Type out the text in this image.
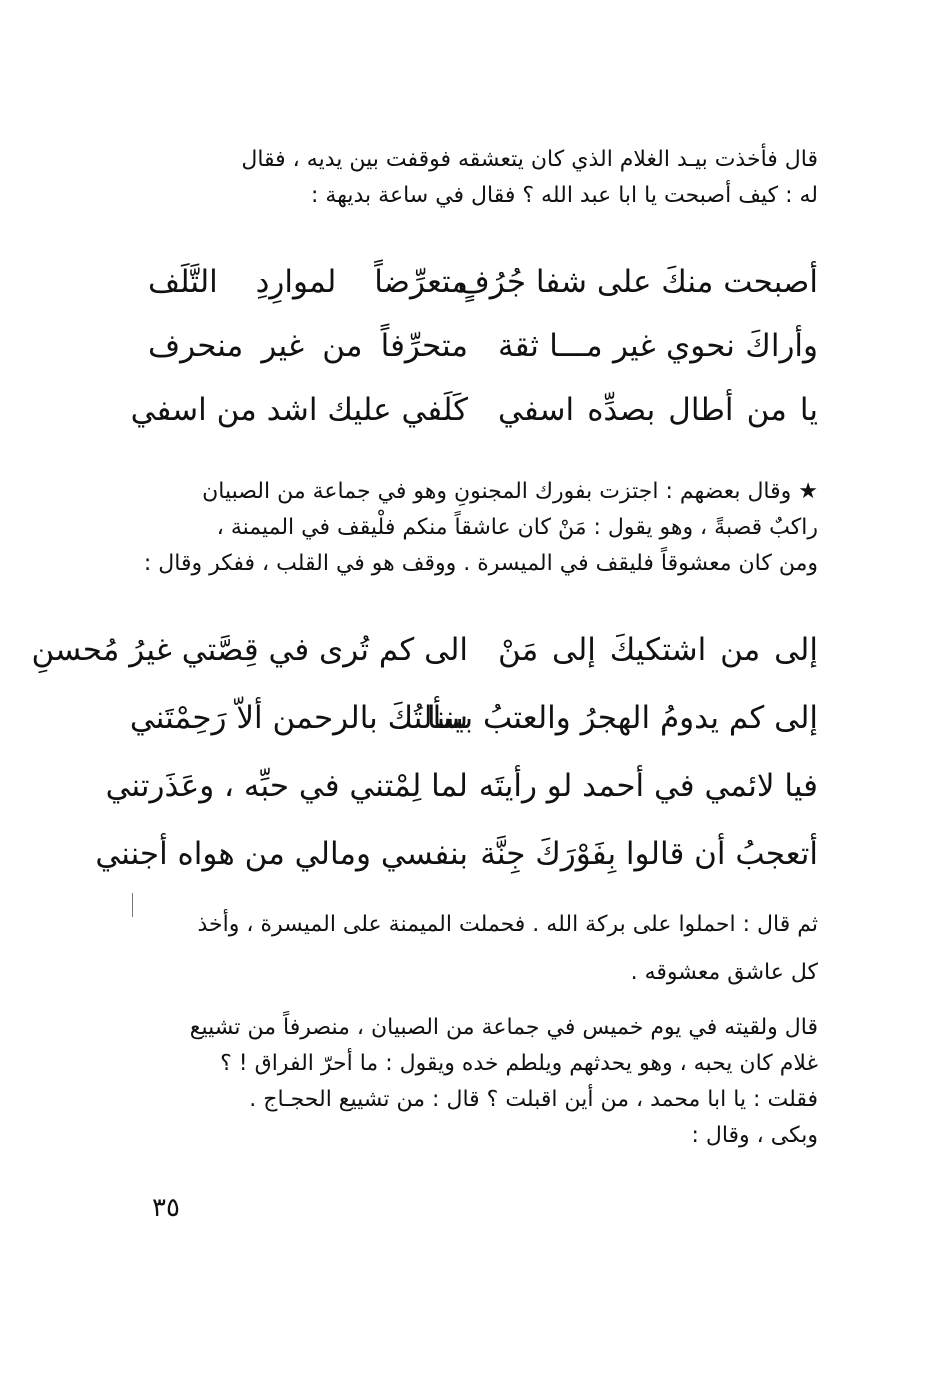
قال فأخذت بيـد الغلام الذي كان يتعشقه فوقفت بين يديه ، فقال
له : كيف أصبحت يا ابا عبد الله ؟ فقال في ساعة بديهة :
أصبحت منكَ على شفا جُرُفٍ
متعرِّضاً لموارِدِ التَّلَف
وأراكَ نحوي غير مـــا ثقة
متحرِّفاً من غير منحرف
يا من أطال بصدِّه اسفي
كَلَفي عليك اشد من اسفي
★ وقال بعضهم : اجتزت بفورك المجنونِ وهو في جماعة من الصبيان
راكبٌ قصبةً ، وهو يقول : مَنْ كان عاشقاً منكم فلْيقف في الميمنة ،
ومن كان معشوقاً فليقف في الميسرة . ووقف هو في القلب ، ففكر وقال :
إلى من اشتكيكَ إلى مَنْ
الى كم تُرى في قِصَّتي غيرُ مُحسنِ
إلى كم يدومُ الهجرُ والعتبُ بيننا
سألتُكَ بالرحمن ألاّ رَحِمْتَني
فيا لائمي في أحمد لو رأيتَه
لما لِمْتني في حبِّه ، وعَذَرتني
أتعجبُ أن قالوا بِفَوْرَكَ جِنَّة
بنفسي ومالي من هواه أجنني
ثم قال : احملوا على بركة الله . فحملت الميمنة على الميسرة ، وأخذ
كل عاشق معشوقه .
قال ولقيته في يوم خميس في جماعة من الصبيان ، منصرفاً من تشييع
غلام كان يحبه ، وهو يحدثهم ويلطم خده ويقول : ما أحرّ الفراق ! ؟
فقلت : يا ابا محمد ، من أين اقبلت ؟ قال : من تشييع الحجـاج .
وبكى ، وقال :
٣٥
